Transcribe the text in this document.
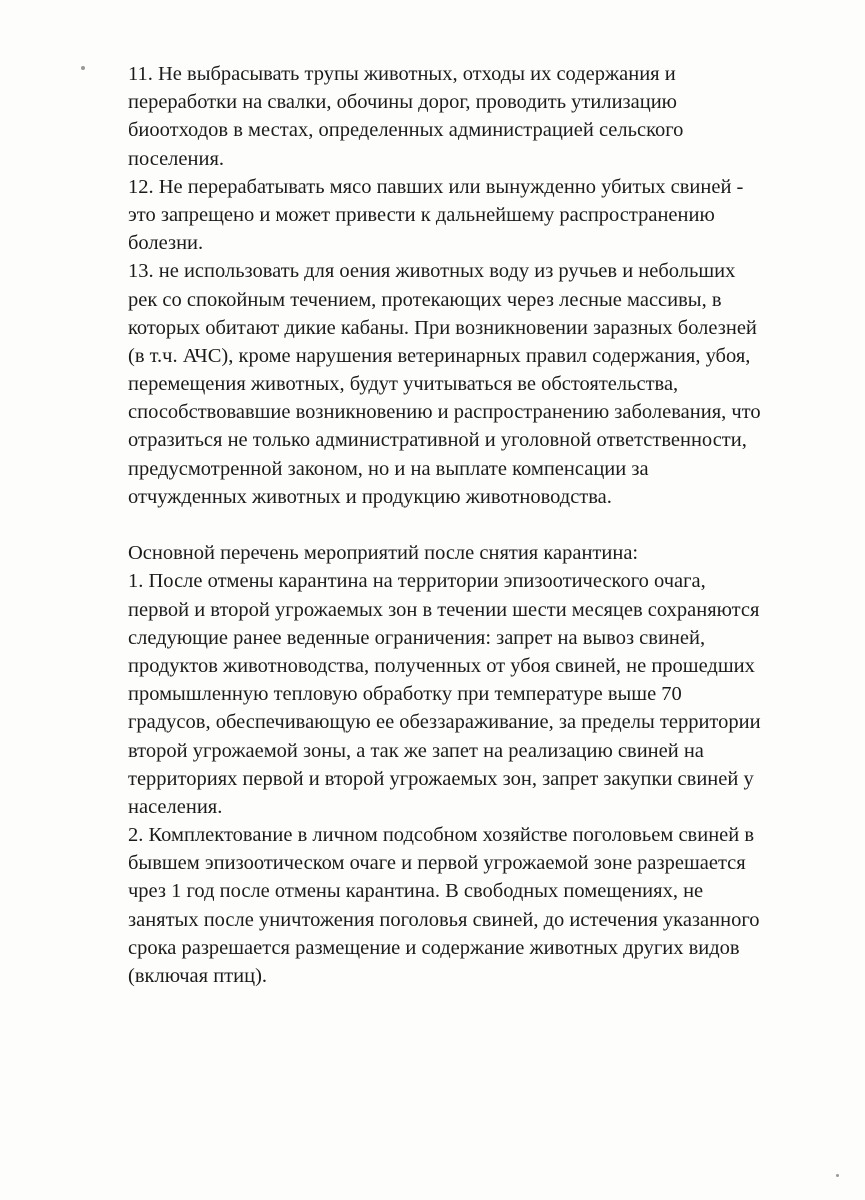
11. Не выбрасывать трупы животных, отходы их содержания и
переработки на свалки, обочины дорог, проводить утилизацию
биоотходов в местах, определенных администрацией сельского
поселения.
12. Не перерабатывать мясо павших или вынужденно убитых свиней -
это запрещено и может привести к дальнейшему распространению
болезни.
13. не использовать для оения животных воду из ручьев и небольших
рек со спокойным течением, протекающих через лесные массивы, в
которых обитают дикие кабаны. При возникновении заразных болезней
(в т.ч. АЧС), кроме нарушения ветеринарных правил содержания, убоя,
перемещения животных, будут учитываться ве обстоятельства,
способствовавшие возникновению и распространению заболевания, что
отразиться не только административной и уголовной ответственности,
предусмотренной законом, но и на выплате компенсации за
отчужденных животных и продукцию животноводства.
Основной перечень мероприятий после снятия карантина:
1. После отмены карантина на территории эпизоотического очага,
первой и второй угрожаемых зон в течении шести месяцев сохраняются
следующие ранее веденные ограничения: запрет на вывоз свиней,
продуктов животноводства, полученных от убоя свиней, не прошедших
промышленную тепловую обработку при температуре выше 70
градусов, обеспечивающую ее обеззараживание, за пределы территории
второй угрожаемой зоны, а так же запет на реализацию свиней на
территориях первой и второй угрожаемых зон, запрет закупки свиней у
населения.
2. Комплектование в личном подсобном хозяйстве поголовьем свиней в
бывшем эпизоотическом очаге и первой угрожаемой зоне разрешается
чрез 1 год после отмены карантина. В свободных помещениях, не
занятых после уничтожения поголовья свиней, до истечения указанного
срока разрешается размещение и содержание животных других видов
(включая птиц).
